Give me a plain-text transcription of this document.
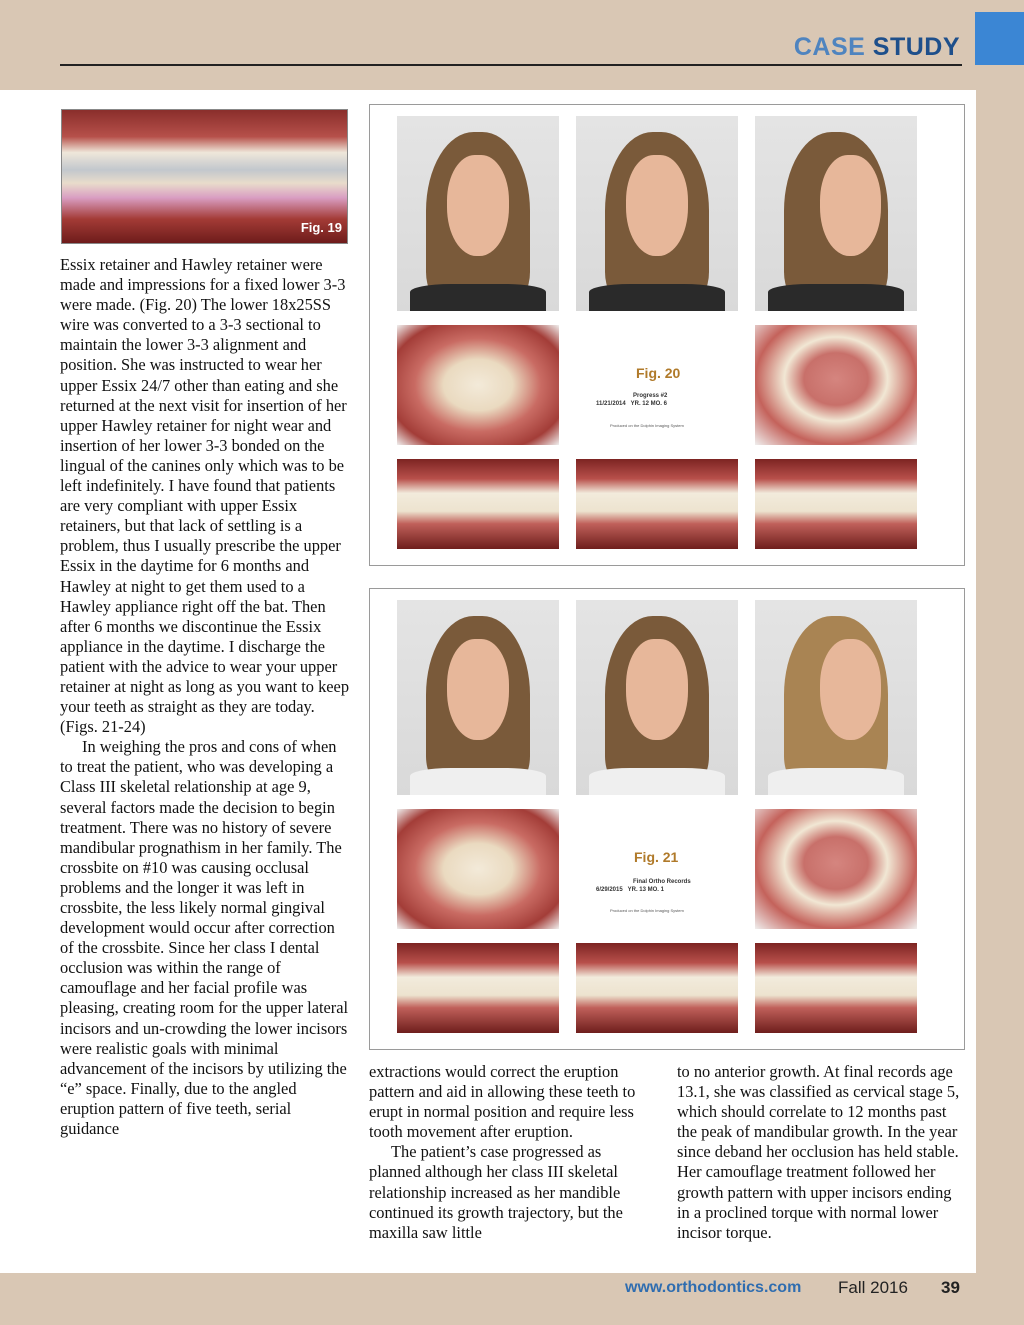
CASE STUDY
Fig. 19

Essix retainer and Hawley retainer were made and impressions for a fixed lower 3-3 were made. (Fig. 20) The lower 18x25SS wire was converted to a 3-3 sectional to maintain the lower 3-3 alignment and position. She was instructed to wear her upper Essix 24/7 other than eating and she returned at the next visit for insertion of her upper Hawley retainer for night wear and insertion of her lower 3-3 bonded on the lingual of the canines only which was to be left indefinitely. I have found that patients are very compliant with upper Essix retainers, but that lack of settling is a problem, thus I usually prescribe the upper Essix in the daytime for 6 months and Hawley at night to get them used to a Hawley appliance right off the bat. Then after 6 months we discontinue the Essix appliance in the daytime. I discharge the patient with the advice to wear your upper retainer at night as long as you want to keep your teeth as straight as they are today. (Figs. 21-24)

In weighing the pros and cons of when to treat the patient, who was developing a Class III skeletal relationship at age 9, several factors made the decision to begin treatment. There was no history of severe mandibular prognathism in her family. The crossbite on #10 was causing occlusal problems and the longer it was left in crossbite, the less likely normal gingival development would occur after correction of the crossbite. Since her class I dental occlusion was within the range of camouflage and her facial profile was pleasing, creating room for the upper lateral incisors and un-crowding the lower incisors were realistic goals with minimal advancement of the incisors by utilizing the “e” space. Finally, due to the angled eruption pattern of five teeth, serial guidance

Fig. 20
Progress #2
11/21/2014 YR. 12 MO. 6
Produced on the Dolphin Imaging System
Fig. 21
Final Ortho Records
6/29/2015 YR. 13 MO. 1
Produced on the Dolphin Imaging System

extractions would correct the eruption pattern and aid in allowing these teeth to erupt in normal position and require less tooth movement after eruption.

The patient’s case progressed as planned although her class III skeletal relationship increased as her mandible continued its growth trajectory, but the maxilla saw little

to no anterior growth. At final records age 13.1, she was classified as cervical stage 5, which should correlate to 12 months past the peak of mandibular growth. In the year since deband her occlusion has held stable. Her camouflage treatment followed her growth pattern with upper incisors ending in a proclined torque with normal lower incisor torque.

www.orthodontics.com Fall 2016 39
